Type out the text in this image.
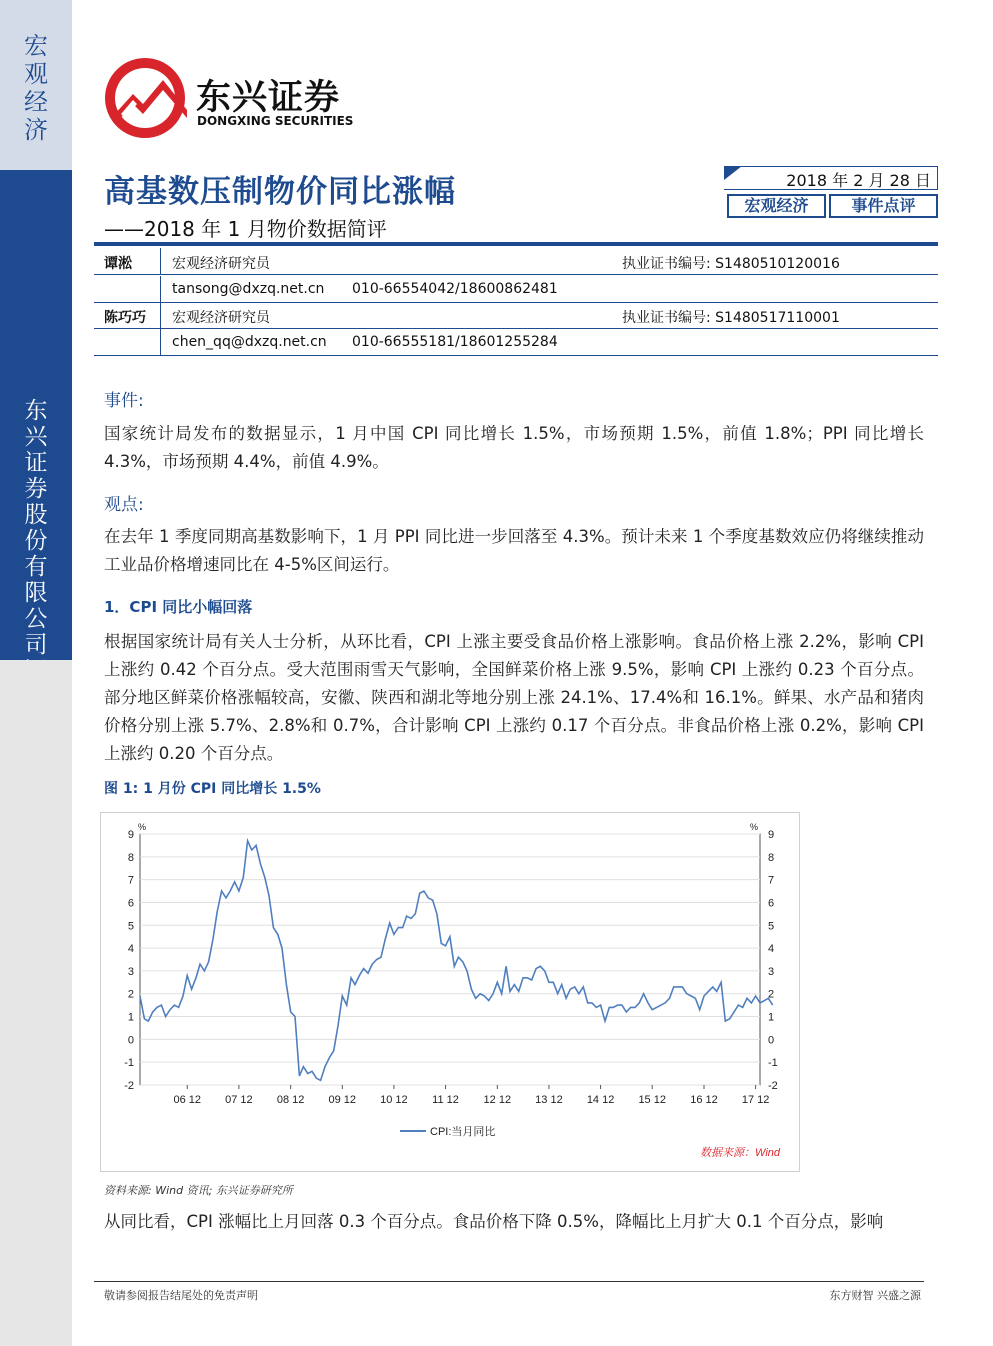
宏观经济
东兴证券股份有限公司
东兴证券
DONGXING SECURITIES
高基数压制物价同比涨幅
——2018 年 1 月物价数据简评
2018 年 2 月 28 日
宏观经济	事件点评
谭淞	宏观经济研究员	执业证书编号: S1480510120016
tansong@dxzq.net.cn 010-66554042/18600862481
陈巧巧 宏观经济研究员	执业证书编号: S1480517110001
chen_qq@dxzq.net.cn 010-66555181/18601255284
事件:
国家统计局发布的数据显示，1 月中国 CPI 同比增长 1.5%，市场预期 1.5%，前值 1.8%；PPI 同比增长 4.3%，市场预期 4.4%，前值 4.9%。
观点:
在去年 1 季度同期高基数影响下，1 月 PPI 同比进一步回落至 4.3%。预计未来 1 个季度基数效应仍将继续推动工业品价格增速同比在 4-5%区间运行。
1．CPI 同比小幅回落
根据国家统计局有关人士分析，从环比看，CPI 上涨主要受食品价格上涨影响。食品价格上涨 2.2%，影响 CPI 上涨约 0.42 个百分点。受大范围雨雪天气影响，全国鲜菜价格上涨 9.5%，影响 CPI 上涨约 0.23 个百分点。部分地区鲜菜价格涨幅较高，安徽、陕西和湖北等地分别上涨 24.1%、17.4%和 16.1%。鲜果、水产品和猪肉价格分别上涨 5.7%、2.8%和 0.7%，合计影响 CPI 上涨约 0.17 个百分点。非食品价格上涨 0.2%，影响 CPI 上涨约 0.20 个百分点。
图 1: 1 月份 CPI 同比增长 1.5%
-2	-2
-1	-1
0	0
1	1
2	2
3	3
4	4
5	5
6	6
7	7
8	8
9	9
%	%
06 12 07 12 08 12 09 12 10 12 11 12 12 12 13 12 14 12 15 12 16 12 17 12
CPI:当月同比
数据来源：Wind
资料来源: Wind 资讯; 东兴证券研究所
从同比看，CPI 涨幅比上月回落 0.3 个百分点。食品价格下降 0.5%，降幅比上月扩大 0.1 个百分点，影响
敬请参阅报告结尾处的免责声明	东方财智 兴盛之源
